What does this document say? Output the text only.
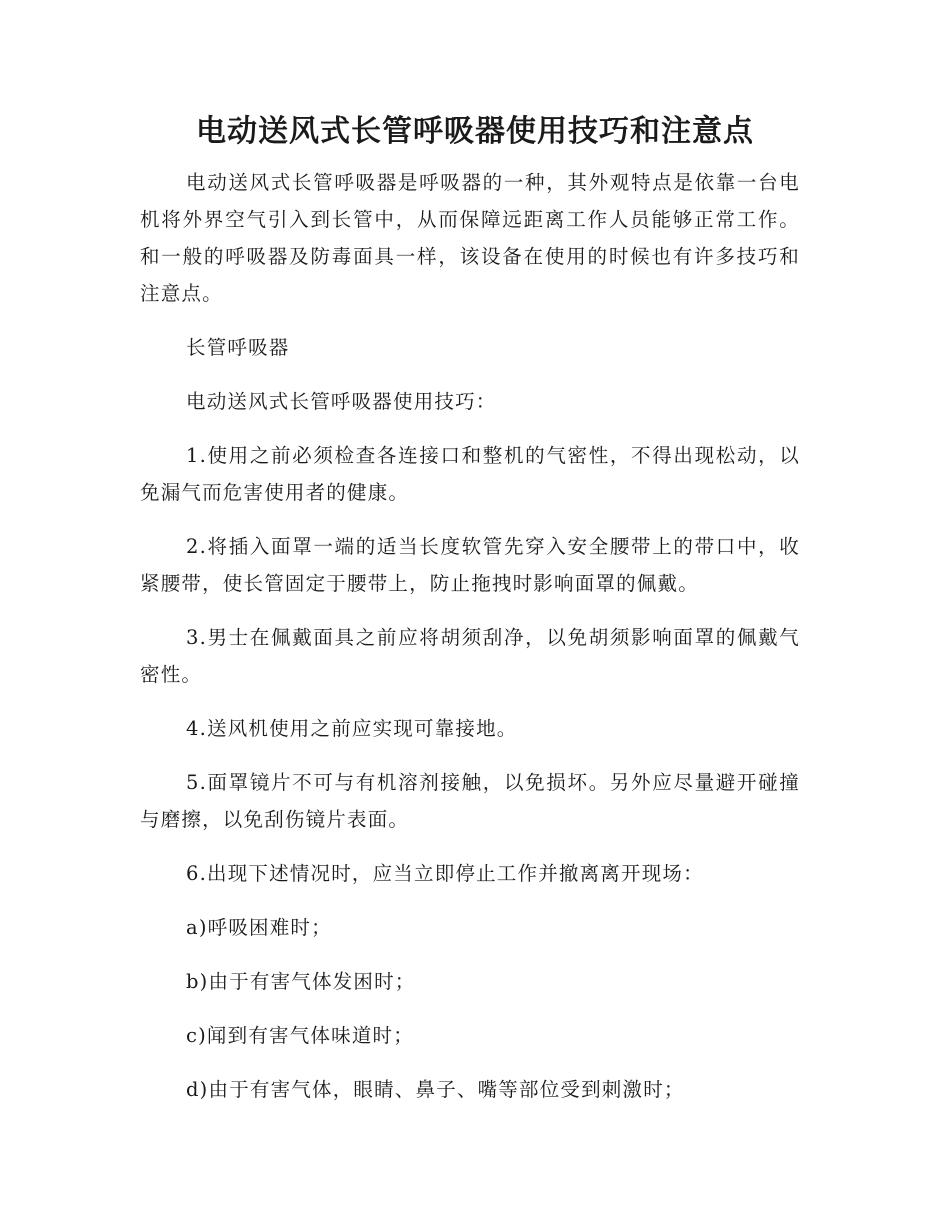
电动送风式长管呼吸器使用技巧和注意点

电动送风式长管呼吸器是呼吸器的一种，其外观特点是依靠一台电机将外界空气引入到长管中，从而保障远距离工作人员能够正常工作。和一般的呼吸器及防毒面具一样，该设备在使用的时候也有许多技巧和注意点。

长管呼吸器

电动送风式长管呼吸器使用技巧：

1.使用之前必须检查各连接口和整机的气密性，不得出现松动，以免漏气而危害使用者的健康。

2.将插入面罩一端的适当长度软管先穿入安全腰带上的带口中，收紧腰带，使长管固定于腰带上，防止拖拽时影响面罩的佩戴。

3.男士在佩戴面具之前应将胡须刮净，以免胡须影响面罩的佩戴气密性。

4.送风机使用之前应实现可靠接地。

5.面罩镜片不可与有机溶剂接触，以免损坏。另外应尽量避开碰撞与磨擦，以免刮伤镜片表面。

6.出现下述情况时，应当立即停止工作并撤离离开现场：

a)呼吸困难时；

b)由于有害气体发困时；

c)闻到有害气体味道时；

d)由于有害气体，眼睛、鼻子、嘴等部位受到刺激时；
